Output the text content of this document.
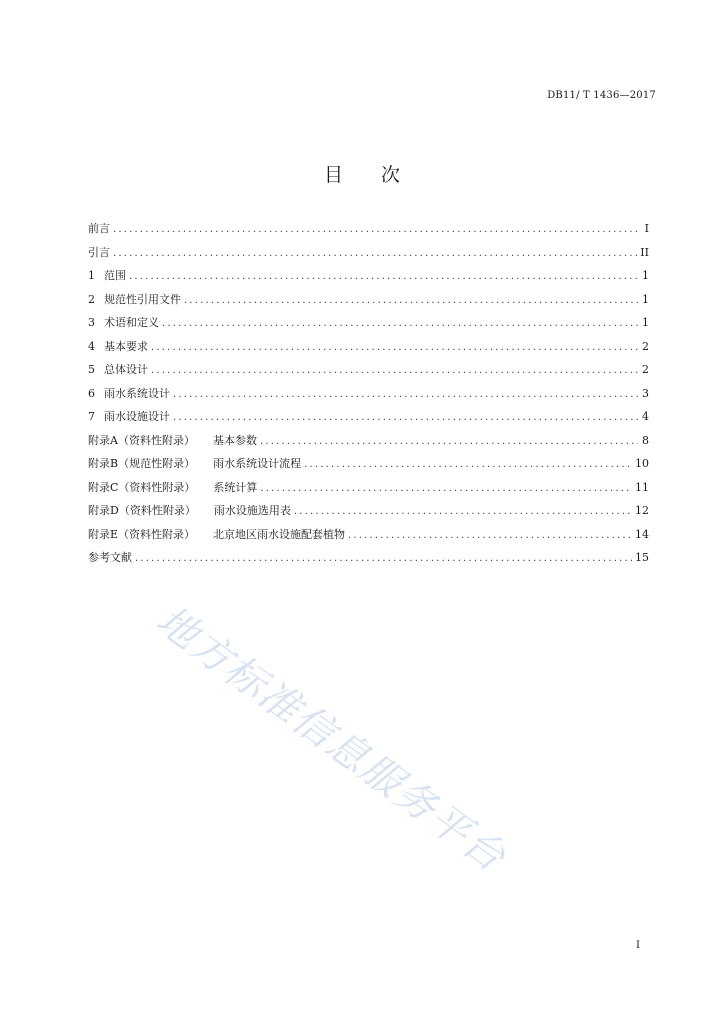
DB11/ T 1436—2017
目 次
前言 .....	I
引言 .....	II
1 范围 .....	1
2 规范性引用文件 .....	1
3 术语和定义 .....	1
4 基本要求 .....	2
5 总体设计 .....	2
6 雨水系统设计 .....	3
7 雨水设施设计 .....	4
附录A（资料性附录） 基本参数 .....	8
附录B（规范性附录） 雨水系统设计流程 .....	10
附录C（资料性附录） 系统计算 .....	11
附录D（资料性附录） 雨水设施选用表 .....	12
附录E（资料性附录） 北京地区雨水设施配套植物 .....	14
参考文献 .....	15
地方标准信息服务平台
I
